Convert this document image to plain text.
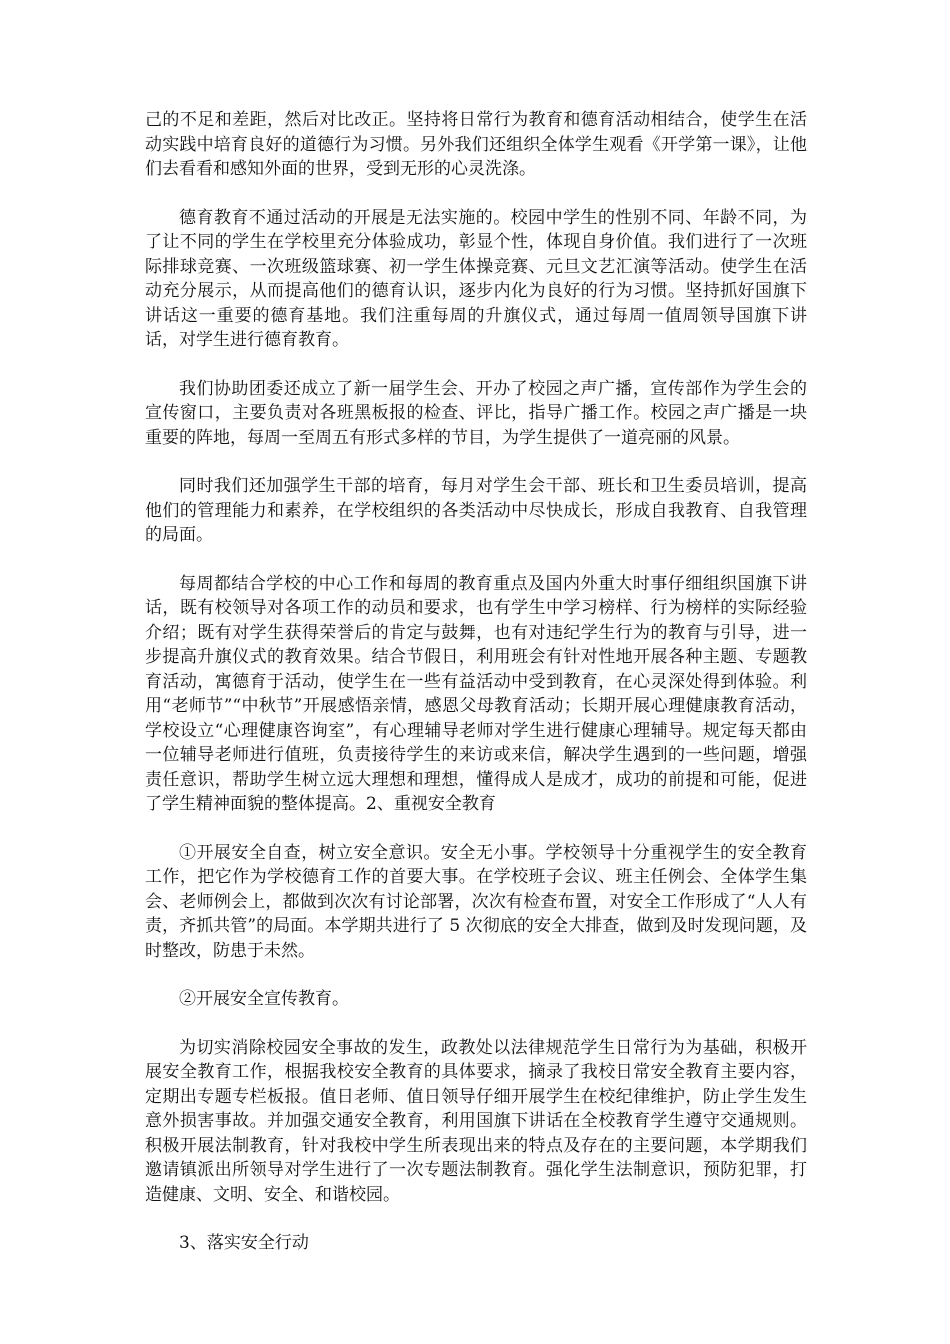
己的不足和差距，然后对比改正。坚持将日常行为教育和德育活动相结合，使学生在活动实践中培育良好的道德行为习惯。另外我们还组织全体学生观看《开学第一课》，让他们去看看和感知外面的世界，受到无形的心灵洗涤。

德育教育不通过活动的开展是无法实施的。校园中学生的性别不同、年龄不同，为了让不同的学生在学校里充分体验成功，彰显个性，体现自身价值。我们进行了一次班际排球竞赛、一次班级篮球赛、初一学生体操竞赛、元旦文艺汇演等活动。使学生在活动充分展示，从而提高他们的德育认识，逐步内化为良好的行为习惯。坚持抓好国旗下讲话这一重要的德育基地。我们注重每周的升旗仪式，通过每周一值周领导国旗下讲话，对学生进行德育教育。

我们协助团委还成立了新一届学生会、开办了校园之声广播，宣传部作为学生会的宣传窗口，主要负责对各班黑板报的检查、评比，指导广播工作。校园之声广播是一块重要的阵地，每周一至周五有形式多样的节目，为学生提供了一道亮丽的风景。

同时我们还加强学生干部的培育，每月对学生会干部、班长和卫生委员培训，提高他们的管理能力和素养，在学校组织的各类活动中尽快成长，形成自我教育、自我管理的局面。

每周都结合学校的中心工作和每周的教育重点及国内外重大时事仔细组织国旗下讲话，既有校领导对各项工作的动员和要求，也有学生中学习榜样、行为榜样的实际经验介绍；既有对学生获得荣誉后的肯定与鼓舞，也有对违纪学生行为的教育与引导，进一步提高升旗仪式的教育效果。结合节假日，利用班会有针对性地开展各种主题、专题教育活动，寓德育于活动，使学生在一些有益活动中受到教育，在心灵深处得到体验。利用“老师节”“中秋节”开展感悟亲情，感恩父母教育活动；长期开展心理健康教育活动，学校设立“心理健康咨询室”，有心理辅导老师对学生进行健康心理辅导。规定每天都由一位辅导老师进行值班，负责接待学生的来访或来信，解决学生遇到的一些问题，增强责任意识，帮助学生树立远大理想和理想，懂得成人是成才，成功的前提和可能，促进了学生精神面貌的整体提高。2、重视安全教育

①开展安全自查，树立安全意识。安全无小事。学校领导十分重视学生的安全教育工作，把它作为学校德育工作的首要大事。在学校班子会议、班主任例会、全体学生集会、老师例会上，都做到次次有讨论部署，次次有检查布置，对安全工作形成了“人人有责，齐抓共管”的局面。本学期共进行了 5 次彻底的安全大排查，做到及时发现问题，及时整改，防患于未然。

②开展安全宣传教育。

为切实消除校园安全事故的发生，政教处以法律规范学生日常行为为基础，积极开展安全教育工作，根据我校安全教育的具体要求，摘录了我校日常安全教育主要内容，定期出专题专栏板报。值日老师、值日领导仔细开展学生在校纪律维护，防止学生发生意外损害事故。并加强交通安全教育，利用国旗下讲话在全校教育学生遵守交通规则。积极开展法制教育，针对我校中学生所表现出来的特点及存在的主要问题，本学期我们邀请镇派出所领导对学生进行了一次专题法制教育。强化学生法制意识，预防犯罪，打造健康、文明、安全、和谐校园。

3、落实安全行动
